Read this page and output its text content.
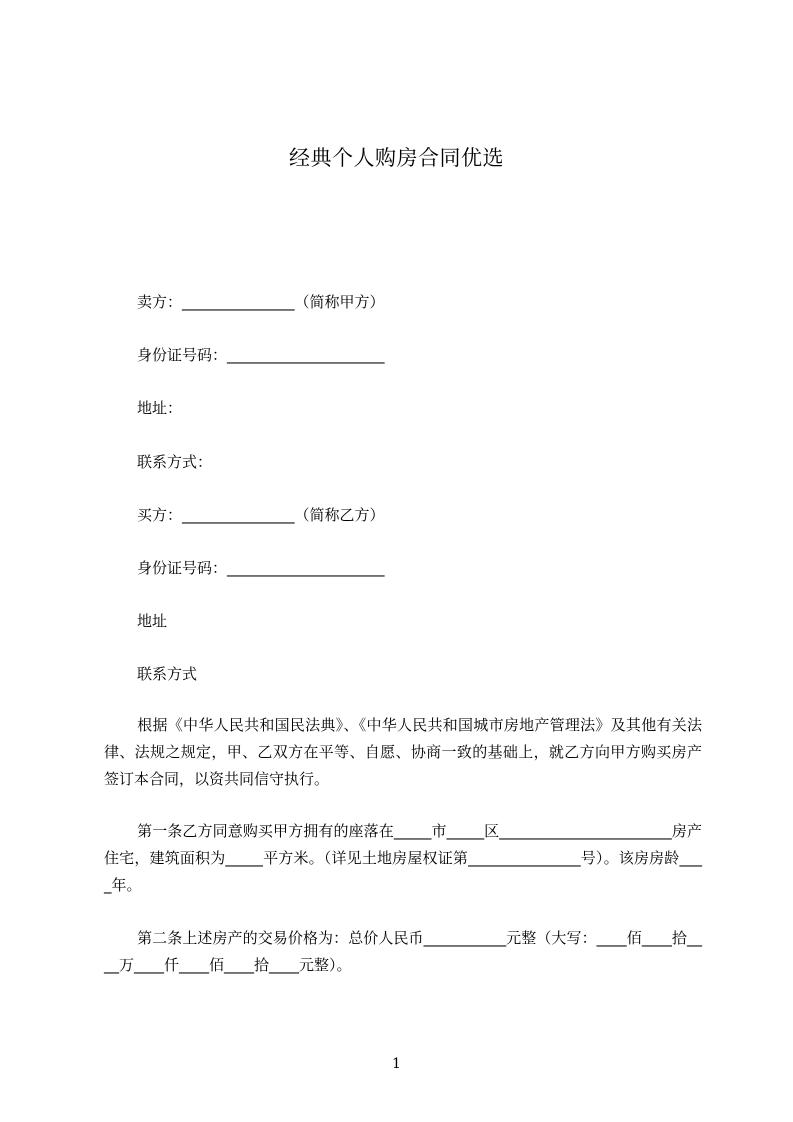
经典个人购房合同优选
卖方：_______________（简称甲方）
身份证号码：_____________________
地址：
联系方式：
买方：_______________（简称乙方）
身份证号码：_____________________
地址
联系方式
根据《中华人民共和国民法典》、《中华人民共和国城市房地产管理法》及其他有关法律、法规之规定，甲、乙双方在平等、自愿、协商一致的基础上，就乙方向甲方购买房产签订本合同，以资共同信守执行。
第一条乙方同意购买甲方拥有的座落在_____市_____区_______________________房产住宅，建筑面积为_____平方米。（详见土地房屋权证第_______________号）。该房房龄____年。
第二条上述房产的交易价格为：总价人民币___________元整（大写：____佰____拾____万____仟____佰____拾____元整）。
1
